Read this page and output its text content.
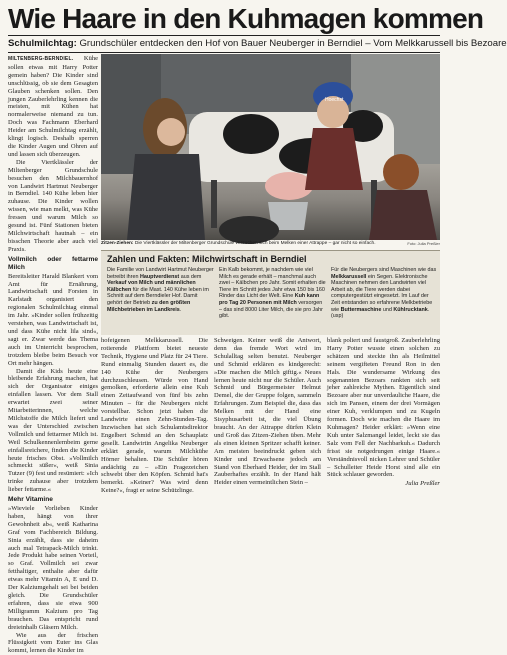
Wie Haare in den Kuhmagen kommen
Schulmilchtag: Grundschüler entdecken den Hof von Bauer Neuberger in Berndiel – Vom Melkkarussell bis Bezoare

MILTENBERG-BERNDIEL. Kühe sollen etwas mit Harry Potter gemein haben? Die Kinder sind unschlüssig, ob sie dem Gesagten Glauben schenken sollen. Den jungen Zauberlehrling kennen die meisten, mit Kühen hat normalerweise niemand zu tun. Doch was Fachmann Eberhard Heider am Schulmilchtag erzählt, klingt logisch. Deshalb sperren die Kinder Augen und Ohren auf und lassen sich überzeugen.

Die Viertklässler der Miltenberger Grundschule besuchen den Milchbauernhof von Landwirt Hartmut Neuberger in Berndiel. 140 Kühe leben hier zuhause. Die Kinder wollen wissen, wie man melkt, was Kühe fressen und warum Milch so gesund ist. Fünf Stationen bieten Milchwirtschaft hautnah – ein bisschen Theorie aber auch viel Praxis.

Vollmilch oder fettarme Milch

Bereitsleiter Harald Blankert vom Amt für Ernährung, Landwirtschaft und Forsten in Karlstadt organisiert den regionalen Schulmilchtag einmal im Jahr. »Kinder sollen frühzeitig verstehen, was Landwirtschaft ist, und dass Kühe nicht lila sind«, sagt er. Zwar werde das Thema auch im Unterricht besprochen, trotzdem bleibe beim Besuch vor Ort mehr hängen.

Damit die Kids heute eine bleibende Erfahrung machen, hat sich der Organisator einiges einfallen lassen. Vor dem Stall erwartet zwei seiner Mitarbeiterinnen, welche Milchstoffe die Milch liefert und was der Unterschied zwischen Vollmilch und fettarmer Milch ist. Weil Schulkennenlernbeim gerne einfallsreichere, finden die Kinder heute frisches Obst. »Vollmilch schmeckt süßer«, weiß Sinia Tutzer (9) fest und resümiert: »Ich trinke zuhause aber trotzdem lieber fettarme.«

Mehr Vitamine

»Wieviele Vorlieben Kinder haben, hängt von ihrer Gewohnheit ab«, weiß Katharina Graf vom Fachbereich Bildung. Sinia erzählt, dass sie daheim auch mal Tetrapack-Milch trinkt. Jede Produkt habe seinen Vorteil, so Graf. Vollmilch sei zwar fetthaltiger, enthalte aber dafür etwas mehr Vitamin A, E und D. Der Kalziumgehalt sei bei beiden gleich. Die Grundschüler erfahren, dass sie etwa 900 Milligramm Kalzium pro Tag brauchen. Das entspricht rund dreieinhalb Gläsern Milch.

Wie aus der frischen Flüssigkeit vom Euter ins Glas kommt, lernen die Kinder im

Hoechst
Zitzen-Ziehen: Die Viertklässler der Miltenberger Grundschule versuchen sich beim Melken einer Attrappe – gar nicht so einfach.	Foto: Julia Preßler
Zahlen und Fakten: Milchwirtschaft in Berndiel

Die Familie von Landwirt Hartmut Neuberger betreibt ihren Hauptverdienst aus dem Verkauf von Milch und männlichen Kälbchen für die Mast. 140 Kühe leben im Schnitt auf dem Berndieler Hof. Damit gehört der Betrieb zu den größten Milchbetrieben im Landkreis.

Ein Kalb bekommt, je nachdem wie viel Milch es gerade erhält – manchmal auch zwei – Kälbchen pro Jahr. Somit erhalten die Tiere im Schnitt jedes Jahr etwa 150 bis 160 Rinder das Licht der Welt. Eine Kuh kann pro Tag 20 Personen mit Milch versorgen – das sind 8000 Liter Milch, die sie pro Jahr gibt.

Für die Neubergers sind Maschinen wie das Melkkarussell ein Segen. Elektronische Maschinen nehmen den Landwirten viel Arbeit ab, die Tiere werden dabei computergestützt eingesetzt. Im Lauf der Zeit entstanden so erfahrene Melkbetriebe wie Buttermaschine und Kühlrucktank. (usp)

hofeigenen Melkkarussell. Die rotierende Plattform bietet neueste Technik, Hygiene und Platz für 24 Tiere. Rund einmalig Stunden dauert es, die 140 Kühe der Neubergers durchzuschleusen. Würde von Hand gemolken, erforderte allein eine Kuh einen Zeitaufwand von fünf bis zehn Minuten – für die Neubergers nicht vorstellbar. Schon jetzt haben die Landwirte einen Zehn-Stunden-Tag. Inzwischen hat sich Schulamtsdirektor Engelbert Schmid an den Schauplatz gesellt. Landwirtin Angelika Neuberger erklärt gerade, warum Milchkühe Hörner behalten. Die Schüler hören andächtig zu – »Ein Fragezeichen schwebt über den Köpfen. Schmid hat's bemerkt. »Keiner? Was wird denn Keine?«, fragt er seine Schützlinge.

Schweigen. Keiner weiß die Antwort, denn das fremde Wort wird im Schulalltag selten benutzt. Neuberger und Schmid erklären es kindgerecht: »Die machen die Milch giftig.« Neues lernen heute nicht nur die Schüler. Auch Schmid und Bürgermeister Helmut Demel, die der Gruppe folgen, sammeln Erfahrungen. Zum Beispiel die, dass das Melken mit der Hand eine Sisyphusarbeit ist, die viel Übung braucht. An der Attrappe dürfen Klein und Groß das Zitzen-Ziehen üben. Mehr als einen kleinen Spritzer schafft keiner. Am meisten beeindruckt geben sich Kinder und Erwachsene jedoch am Stand von Eberhard Heider, der im Stall Zauberhaftes erzählt. In der Hand hält Heider einen vermeintlichen Stein –

blank poliert und faustgroß. Zauberlehrling Harry Potter wusste einen solchen zu schätzen und steckte ihn als Heilmittel seinem vergifteten Freund Ron in den Hals. Die wundersame Wirkung des sogenannten Bezoars rankten sich seit jeher zahlreiche Mythen. Eigentlich sind Bezoare aber nur unverdauliche Haare, die sich im Pansen, einem der drei Vormägen einer Kuh, verklumpen und zu Kugeln formen. Doch wie machen die Haare im Kuhmagen? Heider erklärt: »Wenn eine Kuh unter Salzmangel leidet, leckt sie das Salz vom Fell der Nachbarkuh.« Dadurch frisst sie notgedrungen einige Haare.« Verständnisvoll nicken Lehrer und Schüler – Schulleiter Heide Horst sind alle ein Stück schlauer geworden.

Julia Preßler
